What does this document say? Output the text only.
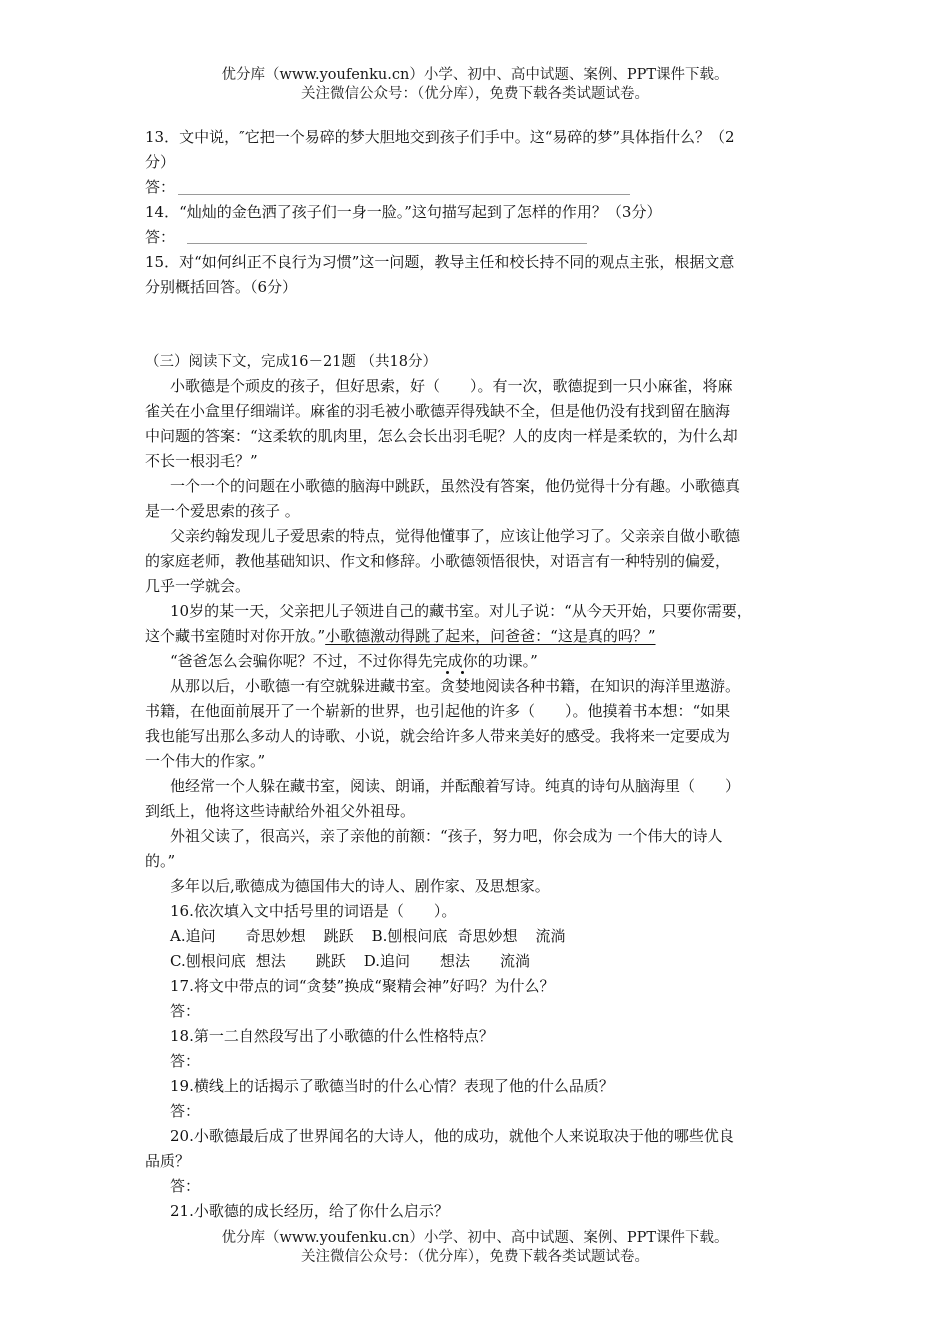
优分库（www.youfenku.cn）小学、初中、高中试题、案例、PPT课件下载。
关注微信公众号：（优分库），免费下载各类试题试卷。
13．文中说，″它把一个易碎的梦大胆地交到孩子们手中。这“易碎的梦”具体指什么？（2
分）
答：
14．“灿灿的金色洒了孩子们一身一脸。”这句描写起到了怎样的作用？（3分）
答：
15．对“如何纠正不良行为习惯”这一问题，教导主任和校长持不同的观点主张，根据文意
分别概括回答。（6分）
（三）阅读下文，完成16－21题 （共18分）
小歌德是个顽皮的孩子，但好思索，好（　　）。有一次，歌德捉到一只小麻雀，将麻
雀关在小盒里仔细端详。麻雀的羽毛被小歌德弄得残缺不全，但是他仍没有找到留在脑海
中问题的答案：“这柔软的肌肉里，怎么会长出羽毛呢？人的皮肉一样是柔软的，为什么却
不长一根羽毛？”
一个一个的问题在小歌德的脑海中跳跃，虽然没有答案，他仍觉得十分有趣。小歌德真
是一个爱思索的孩子 。
父亲约翰发现儿子爱思索的特点，觉得他懂事了，应该让他学习了。父亲亲自做小歌德
的家庭老师，教他基础知识、作文和修辞。小歌德领悟很快，对语言有一种特别的偏爱，
几乎一学就会。
10岁的某一天，父亲把儿子领进自己的藏书室。对儿子说：“从今天开始，只要你需要，
这个藏书室随时对你开放。”小歌德激动得跳了起来，问爸爸：“这是真的吗？”
“爸爸怎么会骗你呢？不过，不过你得先完成你的功课。”
从那以后，小歌德一有空就躲进藏书室。贪婪地阅读各种书籍，在知识的海洋里遨游。
书籍，在他面前展开了一个崭新的世界，也引起他的许多（　　）。他摸着书本想：“如果
我也能写出那么多动人的诗歌、小说，就会给许多人带来美好的感受。我将来一定要成为
一个伟大的作家。”
他经常一个人躲在藏书室，阅读、朗诵，并酝酿着写诗。纯真的诗句从脑海里（　　）
到纸上，他将这些诗献给外祖父外祖母。
外祖父读了，很高兴，亲了亲他的前额：“孩子，努力吧，你会成为 一个伟大的诗人
的。”
多年以后,歌德成为德国伟大的诗人、剧作家、及思想家。
16.依次填入文中括号里的词语是（　　）。
A.追问 奇思妙想 跳跃 B.刨根问底 奇思妙想 流淌
C.刨根问底 想法 跳跃 D.追问 想法 流淌
17.将文中带点的词“贪婪”换成“聚精会神”好吗？为什么？
答：
18.第一二自然段写出了小歌德的什么性格特点？
答：
19.横线上的话揭示了歌德当时的什么心情？表现了他的什么品质？
答：
20.小歌德最后成了世界闻名的大诗人，他的成功，就他个人来说取决于他的哪些优良
品质？
答：
21.小歌德的成长经历，给了你什么启示？
优分库（www.youfenku.cn）小学、初中、高中试题、案例、PPT课件下载。
关注微信公众号：（优分库），免费下载各类试题试卷。
